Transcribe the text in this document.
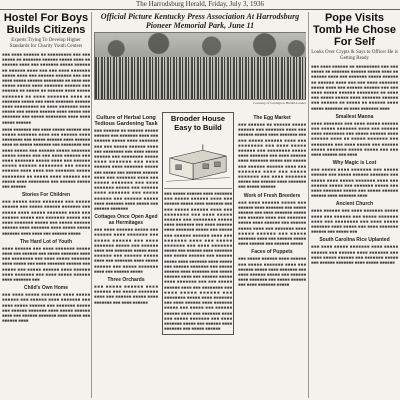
The Harrodsburg Herald, Friday, July 3, 1936
Hostel For Boys Builds Citizens
Experts Trying To Develop Higher Standards for Charity Youth Centers
■■■ ■■■■ ■■■■■■ ■■ ■■■■■■■■■ ■■■ ■■■ ■■■■■ ■■ ■■■■■■■ ■■■■■■ ■■■■■ ■■■■ ■■ ■■■■■■ ■■■■ ■■■ ■■■■■■■ ■■■■■ ■■■■■■ ■■ ■■■■■■ ■■■■ ■■■ ■■■ ■■■■ ■■■■■■■ ■■■■■ ■■■■ ■■■ ■■■■■■ ■■■■■■ ■■■ ■■■ ■■■■ ■■■■■ ■■■■■■ ■■■■■■■■ ■■ ■■■■ ■■■ ■■■■■ ■■■■■ ■■■■ ■■■■■■■ ■■■■■■ ■■■ ■■■■■■ ■■ ■■■■■ ■■ ■■■■■■ ■■■■ ■■■■■ ■■■■■■■ ■■ ■■■■ ■■■■■■■ ■■■■ ■■ ■■■■■■■ ■■■■■ ■■■ ■■■■ ■■■■■■■ ■■■■■■ ■■■■ ■■■■■■■■■ ■■ ■■■■ ■■■■■■■ ■■■■ ■■■■■ ■■■ ■■■■■ ■■■■■■ ■■■■ ■■■■■ ■■■ ■■■■■■■ ■■■ ■■■■■ ■■■■■■■■ ■■■■ ■■■■ ■■■■■ ■■■■■■
■■■■ ■■■■■■■ ■■■ ■■■■ ■■■■■ ■■■■■■ ■■■ ■■■■■ ■■■■■■■ ■■■■ ■■■ ■■■■■■ ■■■■ ■■■■■■■■ ■■■ ■■■■■ ■■■■■■ ■■■■ ■■■■■■ ■■■■ ■■ ■■■■■ ■■■■■■■ ■■■ ■■■■■■■■ ■■■ ■■■■ ■■■■■ ■■■ ■■■■■■ ■■■■■ ■■■■■■■ ■■■■■ ■■■■■ ■■■ ■■■ ■■■■ ■■■■■■ ■■■ ■■■■ ■■■■■■■ ■■■■■ ■■■■ ■■■ ■■■■■■ ■■■■■ ■■■■■■ ■■■■■■■■ ■■■ ■■■■■ ■■■■■■ ■■■■ ■■■■ ■■■ ■■■■■■■ ■■■■■ ■■■■■■■■ ■■ ■■■■■ ■■■■ ■■■■■■ ■■■ ■■■■■ ■■■■ ■■■■■■■■ ■■■ ■■■■■■ ■■■■■ ■■■ ■■■■■■
Stories For Children
■■■ ■■■■■ ■■■■ ■■■■■■■ ■■■ ■■■■■ ■■■■■■ ■■■ ■■■■■ ■■■■■■ ■■■■■■■ ■■■ ■■■■■ ■■■■ ■■■■■ ■■■■■■■ ■■■■ ■■■ ■■■■■■ ■■■■■ ■■■ ■■■■■■■ ■■■■■ ■■■ ■■■■ ■■■■■■■ ■■■■■ ■■■ ■■■■■ ■■■■■■ ■■■■■■ ■■■■ ■■■■■■■ ■■■■ ■■■■■ ■■■■■ ■■■■■■■ ■■■■ ■■■■ ■■■ ■■■■■■ ■■■■■
The Hard Lot of Youth
■■■■ ■■■■■■ ■■■ ■■■■ ■■■■■■■ ■■■■■ ■■■■ ■■■ ■■■■■■ ■■■ ■■■■■ ■■■■■■■ ■■■■ ■■■ ■■■■■■■■ ■■■ ■■■■ ■■■■■ ■■■■■■■ ■■■■ ■■■■■ ■■■ ■■■■ ■■■■■■■ ■■■■■■ ■■■ ■■■■■ ■■■ ■■■■■ ■■■■■■ ■■■■ ■■■■■■ ■■■■ ■■■■■■■ ■■■ ■■■■ ■■■■■ ■■■■■■ ■■■■ ■■■■■■■ ■■■
Child's Own Home
■■■ ■■■■ ■■■■■ ■■■■■■■ ■■■■ ■■■■■ ■■■■■■ ■■■ ■■■■■■ ■■■■ ■■■■■■■ ■■■ ■■■■ ■■■■■ ■■■■■■ ■■■ ■■■■■■■ ■■■■■ ■■■ ■■■■■■ ■■■■■■■ ■■■■ ■■■■■ ■■■■■■ ■■■■ ■■■ ■■■■■■ ■■■■■■■ ■■■■ ■■■■■ ■■■ ■■■■■■ ■■■■
Official Picture Kentucky Press Association At Harrodsburg Pioneer Memorial Park, June 11
Courtesy of Lexington Herald-Leader
Culture of Herbal Long Tedious Gardening Task
■■■ ■■■■■■ ■■ ■■■■■■ ■■■■■ ■■■■■■ ■■■ ■■■■■■■ ■■■■ ■■■ ■■■■■■ ■■■■■ ■■■■ ■■■■■■■ ■■■ ■■■ ■■■■■ ■■■■■■ ■■■■ ■■■ ■■■■■■■■ ■■■ ■■■■ ■■■■■ ■■■■■■ ■■■ ■■■■■■■■ ■■■■■ ■■■■ ■■■■■■■ ■■■ ■■■■ ■■■■■■ ■■■■ ■■■■■■■ ■■■■■ ■■■ ■■■■■ ■■■ ■■■■■■ ■■■■■■ ■■■■ ■■■ ■■■■■■■ ■■■■ ■■■ ■■■■■ ■■■■■■■ ■■■ ■■■■ ■■■■■■■ ■■■■■ ■■■ ■■■■■■ ■■■■ ■■■■■■■ ■■■ ■■■■■ ■■■■■■ ■■■ ■■■■■■ ■■■■■ ■■■■ ■■■■■■■ ■■■■ ■■■■■ ■■■ ■■■■■■ ■■■■■■■
Cottages Once Open Aged as Hermitages
■■■ ■■■■ ■■■■■■ ■■■■■ ■■■ ■■■■■■ ■■■■ ■■■■■■■ ■■■ ■■■■■ ■■■■■■ ■■■ ■■■■ ■■■■■■■ ■■■■■ ■■■ ■■■■■■ ■■■■ ■■■ ■■■■■■■ ■■■■■ ■■■■ ■■■■■■ ■■■ ■■■■■■ ■■■■■ ■■■■ ■■■ ■■■■■■■ ■■■■ ■■■■■ ■■■■■■ ■■■ ■■■■■ ■■■■■■■ ■■■■ ■■■ ■■■■■■ ■■■■■
Three Orchards
■■■ ■■■■■ ■■■■■■ ■■■■ ■■■■■■ ■■■ ■■■■■ ■■■■■■■ ■■■■ ■■■ ■■■■■■ ■■■■■ ■■■■ ■■■■■■■ ■■■ ■■■■ ■■■■■■
Brooder House Easy to Build
■■■ ■■■■■ ■■■■■■ ■■■■ ■■■■■■■ ■■■ ■■■■■ ■■■■■■ ■■■■ ■■■ ■■■■■■ ■■■■■ ■■■■ ■■■■■■■ ■■■ ■■■ ■■■■■ ■■■■■■ ■■■■ ■■■ ■■■■■■■■ ■■■ ■■■■ ■■■■■ ■■■■■■ ■■■ ■■■■■■■■ ■■■■■ ■■■■ ■■■■■■■ ■■■ ■■■■ ■■■■■■ ■■■■ ■■■■■■■ ■■■■■ ■■■ ■■■■■ ■■■ ■■■■■■ ■■■■■■ ■■■■ ■■■ ■■■■■■■ ■■■■ ■■■ ■■■■■ ■■■■■■■ ■■■ ■■■■ ■■■■■■■ ■■■■■ ■■■ ■■■■■■ ■■■■ ■■■■■■■ ■■■ ■■■■■ ■■■■■■ ■■■ ■■■■■■ ■■■■■ ■■■■ ■■■■■■■ ■■■■ ■■■■■ ■■■ ■■■■■■ ■■■■■■■ ■■■ ■■■■■ ■■■■■■ ■■■■ ■■■■■■■ ■■■ ■■■■■ ■■■■■■ ■■■■ ■■■ ■■■■■■ ■■■■■ ■■■■ ■■■■■■■ ■■■ ■■■ ■■■■■ ■■■■■■ ■■■■ ■■■ ■■■■■■■■ ■■■ ■■■■ ■■■■■ ■■■■■■ ■■■ ■■■■■■■■ ■■■■■ ■■■■ ■■■■■■■ ■■■ ■■■■ ■■■■■■ ■■■■ ■■■■■■■ ■■■■■ ■■■ ■■■■■ ■■■ ■■■■■■ ■■■■■■ ■■■■ ■■■ ■■■■■■■ ■■■■ ■■■ ■■■■■ ■■■■■■■ ■■■ ■■■■ ■■■■■■■ ■■■■■ ■■■ ■■■■■■ ■■■■ ■■■■■■■ ■■■ ■■■■■ ■■■■■■
The Egg Market
■■■ ■■■■■■ ■■ ■■■■■■ ■■■■■ ■■■■■■ ■■■ ■■■■■■■ ■■■■ ■■■ ■■■■■■ ■■■■■ ■■■■ ■■■■■■■ ■■■ ■■■ ■■■■■ ■■■■■■ ■■■■ ■■■ ■■■■■■■■ ■■■ ■■■■ ■■■■■ ■■■■■■ ■■■ ■■■■■■■■ ■■■■■ ■■■■ ■■■■■■■ ■■■ ■■■■ ■■■■■■ ■■■■ ■■■■■■■ ■■■■■ ■■■ ■■■■■ ■■■ ■■■■■■ ■■■■■■ ■■■■ ■■■ ■■■■■■■ ■■■■ ■■■ ■■■■■ ■■■■■■■ ■■■ ■■■■ ■■■■■■■ ■■■■■ ■■■ ■■■■■■ ■■■■ ■■■■■■■ ■■■ ■■■■■ ■■■■■■
Work of Fresh Breeders
■■■ ■■■■ ■■■■■■ ■■■■■ ■■■ ■■■■■■ ■■■■ ■■■■■■■ ■■■ ■■■■■ ■■■■■■ ■■■ ■■■■ ■■■■■■■ ■■■■■ ■■■ ■■■■■■ ■■■■ ■■■ ■■■■■■■ ■■■■■ ■■■■ ■■■■■■ ■■■ ■■■■■■ ■■■■■ ■■■■ ■■■ ■■■■■■■ ■■■■ ■■■■■ ■■■■■■ ■■■ ■■■■■ ■■■■■■■ ■■■■ ■■■ ■■■■■■ ■■■■■ ■■■■ ■■■■■■ ■■■ ■■■■■■ ■■■■■
Faces of Puppets
■■■ ■■■■■ ■■■■■■ ■■■■ ■■■■■■ ■■■ ■■■■■ ■■■■■■■ ■■■■ ■■■ ■■■■■■ ■■■■■ ■■■■ ■■■■■■■ ■■■ ■■■■ ■■■■■■ ■■■■■ ■■■ ■■■■■■ ■■■■ ■■■■■■■ ■■■ ■■■■■ ■■■■■■ ■■■ ■■■■ ■■■■■■■ ■■■■■
Pope Visits Tomb He Chose For Self
Looks Over Crypts & Says to Officer He is Getting Ready
■■■ ■■■■ ■■■■■■ ■■ ■■■■■■■■■ ■■■ ■■■ ■■■■■ ■■ ■■■■■■■ ■■■■■■ ■■■■■ ■■■■ ■■ ■■■■■■ ■■■■ ■■■ ■■■■■■■ ■■■■■ ■■■■■■ ■■ ■■■■■■ ■■■■ ■■■ ■■■ ■■■■ ■■■■■■■ ■■■■■ ■■■■ ■■■ ■■■■■■ ■■■■■■ ■■■ ■■■ ■■■■ ■■■■■ ■■■■■■ ■■■■■■■■ ■■ ■■■■ ■■■ ■■■■■ ■■■■■ ■■■■ ■■■■■■■ ■■■■■■ ■■■ ■■■■■■ ■■ ■■■■■ ■■ ■■■■■■ ■■■■ ■■■■■ ■■■■■■■ ■■ ■■■■ ■■■■■■■ ■■■■
Smallest Manna
■■■■ ■■■■■■■ ■■■ ■■■■ ■■■■■ ■■■■■■ ■■■ ■■■■■ ■■■■■■■ ■■■■ ■■■ ■■■■■■ ■■■■ ■■■■■■■■ ■■■ ■■■■■ ■■■■■■ ■■■■ ■■■■■■ ■■■■ ■■ ■■■■■ ■■■■■■■ ■■■ ■■■■■■■■ ■■■ ■■■■ ■■■■■ ■■■ ■■■■■■ ■■■■■ ■■■■■■■ ■■■■■ ■■■■■ ■■■ ■■■ ■■■■ ■■■■■■ ■■■ ■■■■
Why Magic is Lost
■■■ ■■■■■ ■■■■ ■■■■■■■ ■■■ ■■■■■ ■■■■■■ ■■■ ■■■■■ ■■■■■■ ■■■■■■■ ■■■ ■■■■■ ■■■■ ■■■■■ ■■■■■■■ ■■■■ ■■■ ■■■■■■ ■■■■■ ■■■ ■■■■■■■ ■■■■■ ■■■ ■■■■ ■■■■■■■ ■■■■■ ■■■ ■■■■■ ■■■■■■ ■■■■■■ ■■■■ ■■■■■■■ ■■■■
Ancient Church
■■■■ ■■■■■■ ■■■ ■■■■ ■■■■■■■ ■■■■■ ■■■■ ■■■ ■■■■■■ ■■■ ■■■■■ ■■■■■■■ ■■■■ ■■■ ■■■■■■■■ ■■■ ■■■■ ■■■■■ ■■■■■■■ ■■■■ ■■■■■ ■■■ ■■■■ ■■■■■■■ ■■■■■■ ■■■ ■■■■■ ■■■
South Carolina Rice Uplanted
■■■ ■■■■ ■■■■■ ■■■■■■■ ■■■■ ■■■■■ ■■■■■■ ■■■ ■■■■■■ ■■■■ ■■■■■■■ ■■■ ■■■■ ■■■■■ ■■■■■■ ■■■ ■■■■■■■ ■■■■■ ■■■ ■■■■■■ ■■■■■■■ ■■■■ ■■■■■ ■■■■■■
